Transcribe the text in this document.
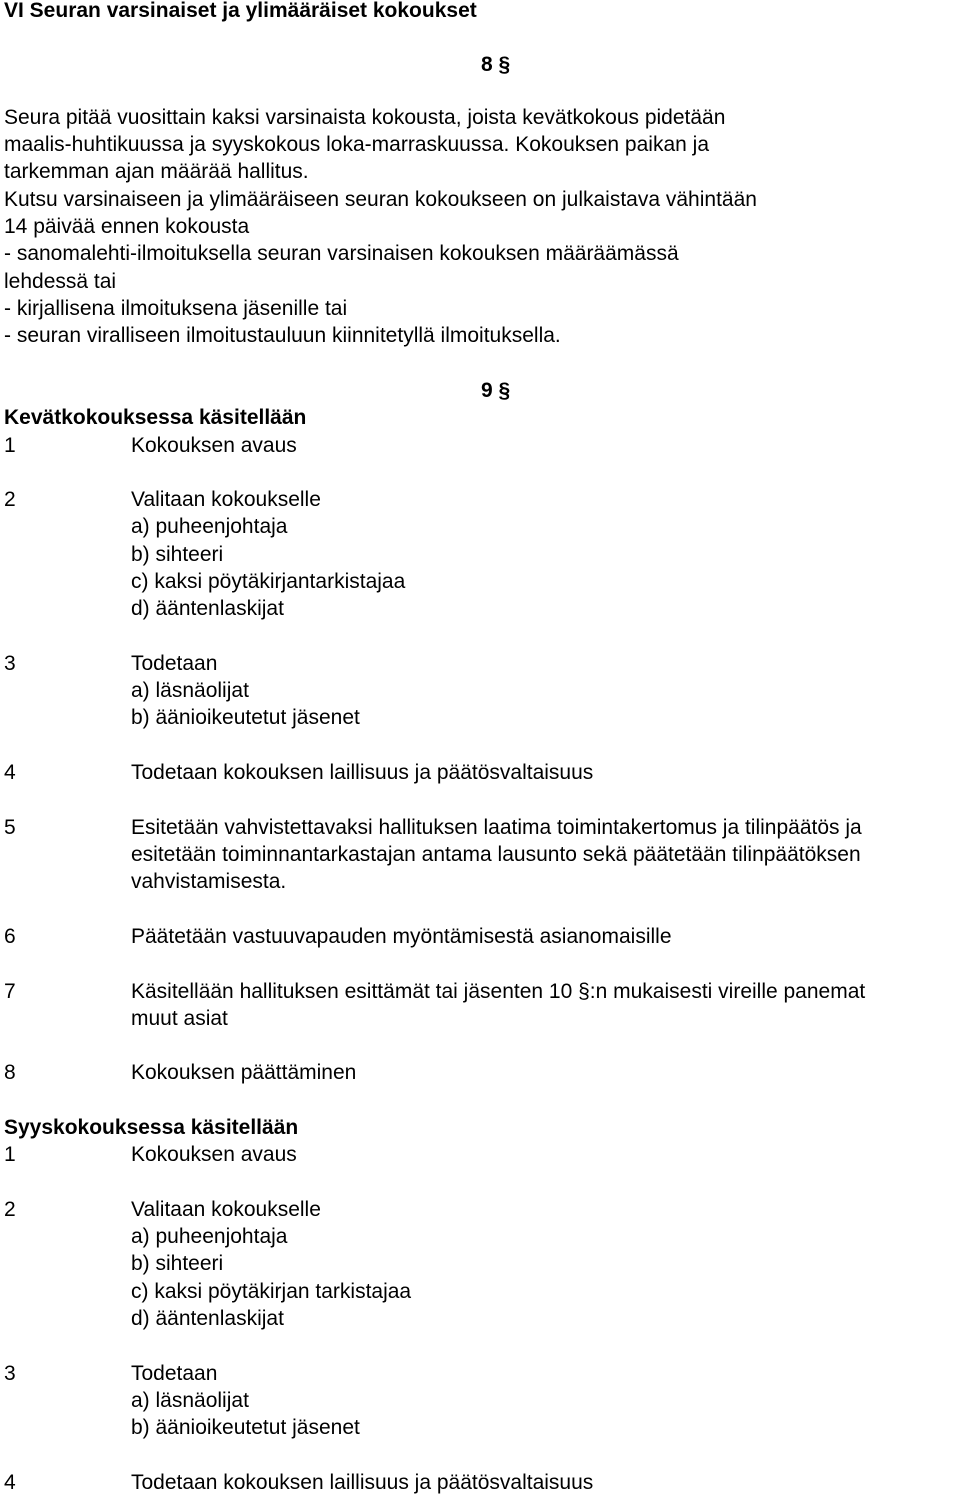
VI Seuran varsinaiset ja ylimääräiset kokoukset
8 §
Seura pitää vuosittain kaksi varsinaista kokousta, joista kevätkokous pidetään
maalis-huhtikuussa ja syyskokous loka-marraskuussa. Kokouksen paikan ja
tarkemman ajan määrää hallitus.
Kutsu varsinaiseen ja ylimääräiseen seuran kokoukseen on julkaistava vähintään
14 päivää ennen kokousta
- sanomalehti-ilmoituksella seuran varsinaisen kokouksen määräämässä
lehdessä tai
- kirjallisena ilmoituksena jäsenille tai
- seuran viralliseen ilmoitustauluun kiinnitetyllä ilmoituksella.
9 §
Kevätkokouksessa käsitellään
1	Kokouksen avaus
2	Valitaan kokoukselle
a) puheenjohtaja
b) sihteeri
c) kaksi pöytäkirjantarkistajaa
d) ääntenlaskijat
3	Todetaan
a) läsnäolijat
b) äänioikeutetut jäsenet
4	Todetaan kokouksen laillisuus ja päätösvaltaisuus
5	Esitetään vahvistettavaksi hallituksen laatima toimintakertomus ja tilinpäätös ja
esitetään toiminnantarkastajan antama lausunto sekä päätetään tilinpäätöksen
vahvistamisesta.
6	Päätetään vastuuvapauden myöntämisestä asianomaisille
7	Käsitellään hallituksen esittämät tai jäsenten 10 §:n mukaisesti vireille panemat
muut asiat
8	Kokouksen päättäminen
Syyskokouksessa käsitellään
1	Kokouksen avaus
2	Valitaan kokoukselle
a) puheenjohtaja
b) sihteeri
c) kaksi pöytäkirjan tarkistajaa
d) ääntenlaskijat
3	Todetaan
a) läsnäolijat
b) äänioikeutetut jäsenet
4	Todetaan kokouksen laillisuus ja päätösvaltaisuus
